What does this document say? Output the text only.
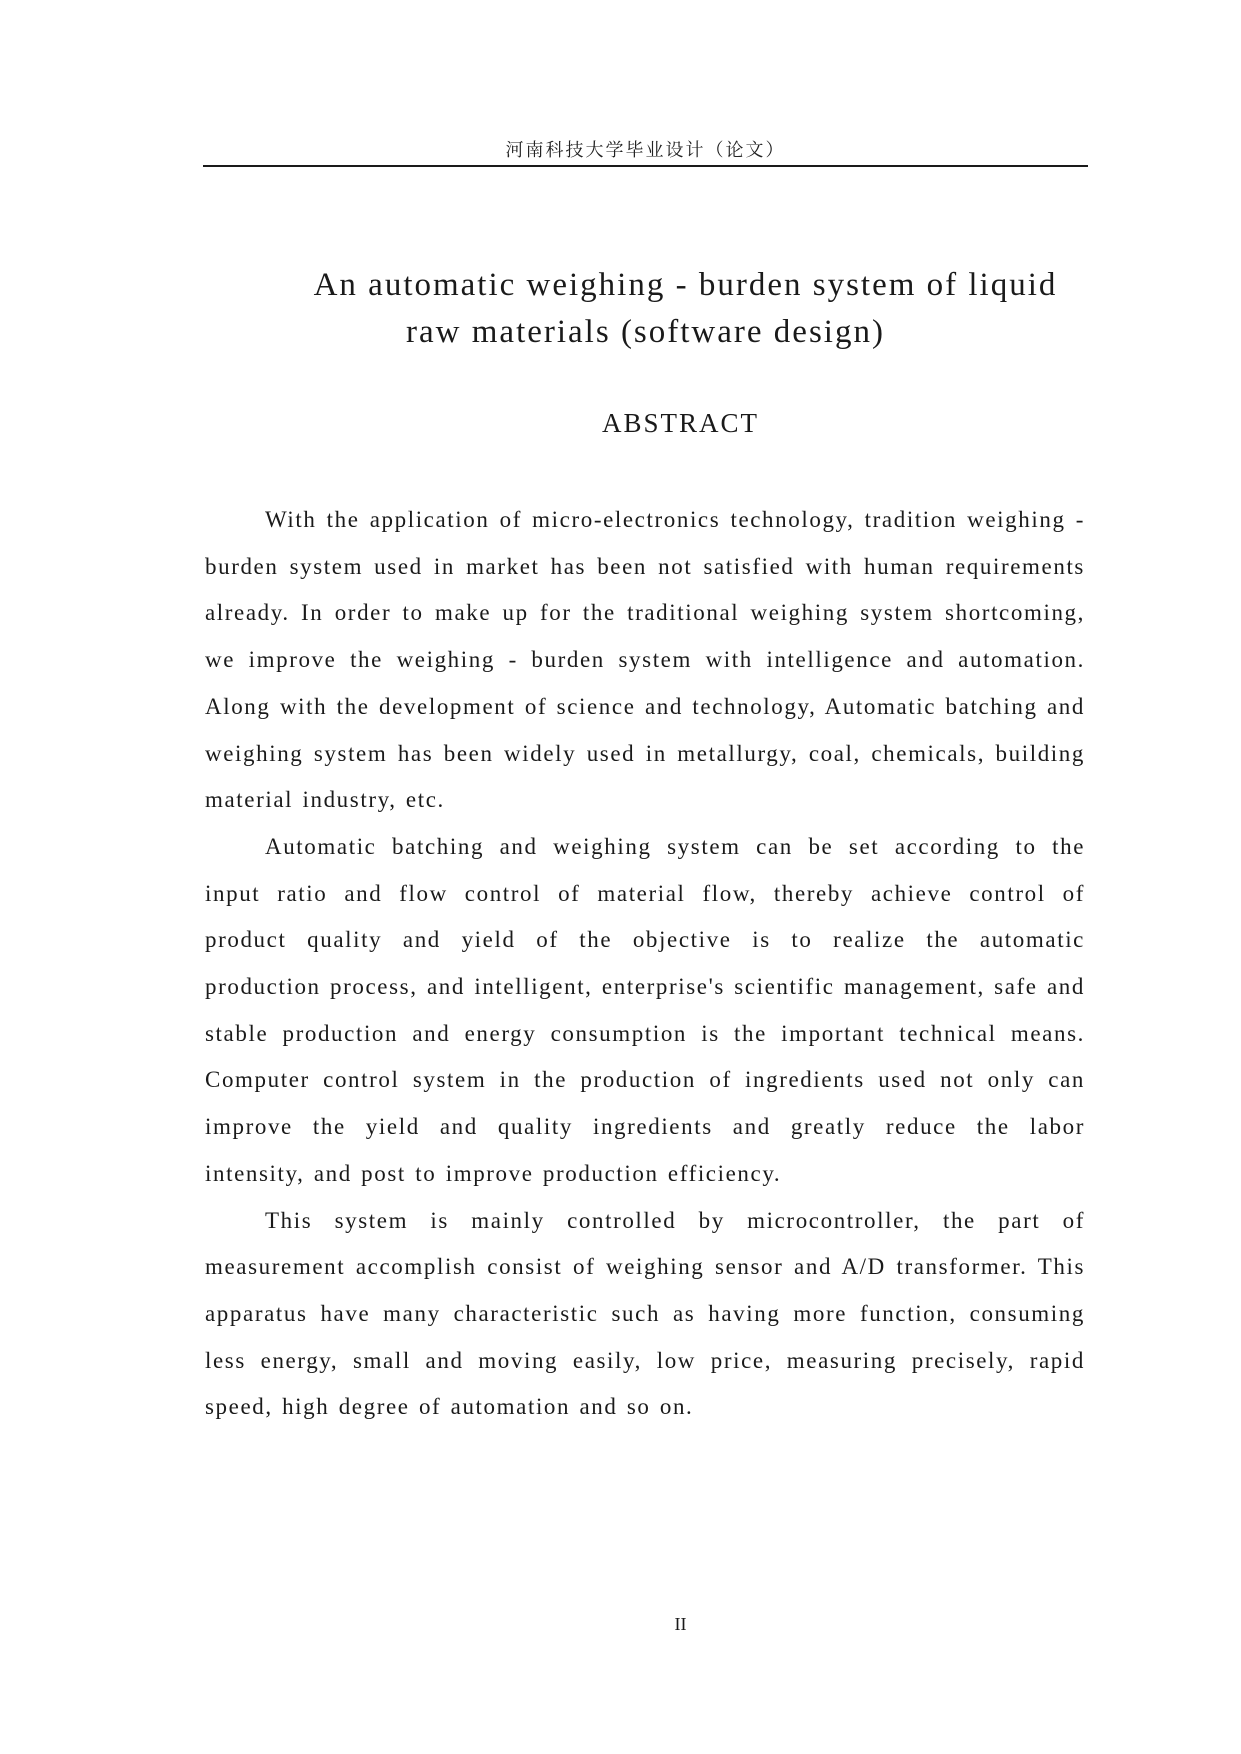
河南科技大学毕业设计（论文）
An automatic weighing - burden system of liquid
raw materials (software design)
ABSTRACT

With the application of micro-electronics technology, tradition weighing - burden system used in market has been not satisfied with human requirements already. In order to make up for the traditional weighing system shortcoming, we improve the weighing - burden system with intelligence and automation. Along with the development of science and technology, Automatic batching and weighing system has been widely used in metallurgy, coal, chemicals, building material industry, etc.

Automatic batching and weighing system can be set according to the input ratio and flow control of material flow, thereby achieve control of product quality and yield of the objective is to realize the automatic production process, and intelligent, enterprise's scientific management, safe and stable production and energy consumption is the important technical means. Computer control system in the production of ingredients used not only can improve the yield and quality ingredients and greatly reduce the labor intensity, and post to improve production efficiency.

This system is mainly controlled by microcontroller, the part of measurement accomplish consist of weighing sensor and A/D transformer. This apparatus have many characteristic such as having more function, consuming less energy, small and moving easily, low price, measuring precisely, rapid speed, high degree of automation and so on.

II
